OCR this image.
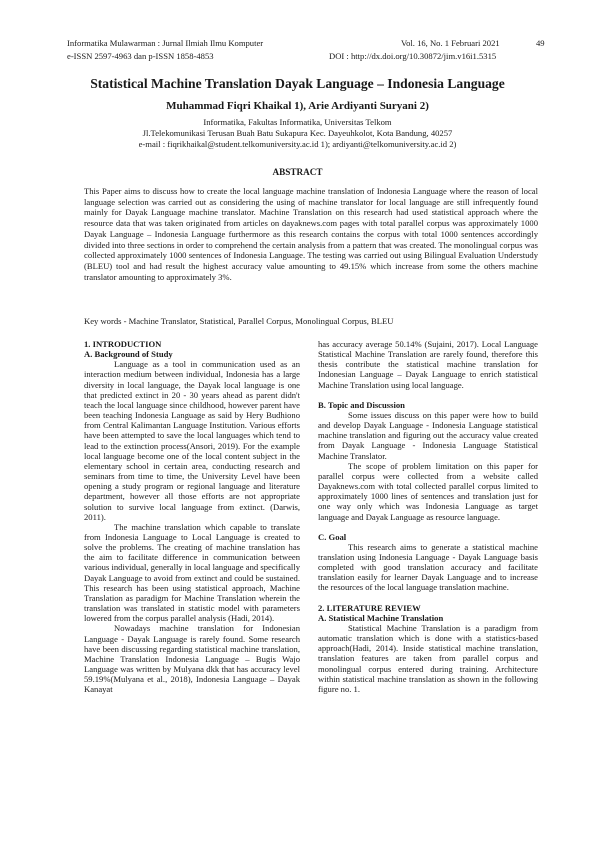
Informatika Mulawarman : Jurnal Ilmiah Ilmu Komputer	Vol. 16, No. 1 Februari 2021	49
e-ISSN 2597-4963 dan p-ISSN 1858-4853	DOI : http://dx.doi.org/10.30872/jim.v16i1.5315
Statistical Machine Translation Dayak Language – Indonesia Language
Muhammad Fiqri Khaikal 1), Arie Ardiyanti Suryani 2)
Informatika, Fakultas Informatika, Universitas Telkom
Jl.Telekomunikasi Terusan Buah Batu Sukapura Kec. Dayeuhkolot, Kota Bandung, 40257
e-mail : fiqrikhaikal@student.telkomuniversity.ac.id 1); ardiyanti@telkomuniversity.ac.id 2)
ABSTRACT
This Paper aims to discuss how to create the local language machine translation of Indonesia Language where the reason of local language selection was carried out as considering the using of machine translator for local language are still infrequently found mainly for Dayak Language machine translator. Machine Translation on this research had used statistical approach where the resource data that was taken originated from articles on dayaknews.com pages with total parallel corpus was approximately 1000 Dayak Language – Indonesia Language furthermore as this research contains the corpus with total 1000 sentences accordingly divided into three sections in order to comprehend the certain analysis from a pattern that was created. The monolingual corpus was collected approximately 1000 sentences of Indonesia Language. The testing was carried out using Bilingual Evaluation Understudy (BLEU) tool and had result the highest accuracy value amounting to 49.15% which increase from some the others machine translator amounting to approximately 3%.
Key words - Machine Translator, Statistical, Parallel Corpus, Monolingual Corpus, BLEU

1. INTRODUCTION

A. Background of Study

Language as a tool in communication used as an interaction medium between individual, Indonesia has a large diversity in local language, the Dayak local language is one that predicted extinct in 20 - 30 years ahead as parent didn't teach the local language since childhood, however parent have been teaching Indonesia Language as said by Hery Budhiono from Central Kalimantan Language Institution. Various efforts have been attempted to save the local languages which tend to lead to the extinction process(Ansori, 2019). For the example local language become one of the local content subject in the elementary school in certain area, conducting research and seminars from time to time, the University Level have been opening a study program or regional language and literature department, however all those efforts are not appropriate solution to survive local language from extinct. (Darwis, 2011).

The machine translation which capable to translate from Indonesia Language to Local Language is created to solve the problems. The creating of machine translation has the aim to facilitate difference in communication between various individual, generally in local language and specifically Dayak Language to avoid from extinct and could be sustained. This research has been using statistical approach, Machine Translation as paradigm for Machine Translation wherein the translation was translated in statistic model with parameters lowered from the corpus parallel analysis (Hadi, 2014).

Nowadays machine translation for Indonesian Language - Dayak Language is rarely found. Some research have been discussing regarding statistical machine translation, Machine Translation Indonesia Language – Bugis Wajo Language was written by Mulyana dkk that has accuracy level 59.19%(Mulyana et al., 2018), Indonesia Language – Dayak Kanayat

has accuracy average 50.14% (Sujaini, 2017). Local Language Statistical Machine Translation are rarely found, therefore this thesis contribute the statistical machine translation for Indonesian Language – Dayak Language to enrich statistical Machine Translation using local language.

B. Topic and Discussion

Some issues discuss on this paper were how to build and develop Dayak Language - Indonesia Language statistical machine translation and figuring out the accuracy value created from Dayak Language - Indonesia Language Statistical Machine Translator.

The scope of problem limitation on this paper for parallel corpus were collected from a website called Dayaknews.com with total collected parallel corpus limited to approximately 1000 lines of sentences and translation just for one way only which was Indonesia Language as target language and Dayak Language as resource language.

C. Goal

This research aims to generate a statistical machine translation using Indonesia Language - Dayak Language basis completed with good translation accuracy and facilitate translation easily for learner Dayak Language and to increase the resources of the local language translation machine.

2. LITERATURE REVIEW

A. Statistical Machine Translation

Statistical Machine Translation is a paradigm from automatic translation which is done with a statistics-based approach(Hadi, 2014). Inside statistical machine translation, translation features are taken from parallel corpus and monolingual corpus entered during training. Architecture within statistical machine translation as shown in the following figure no. 1.
